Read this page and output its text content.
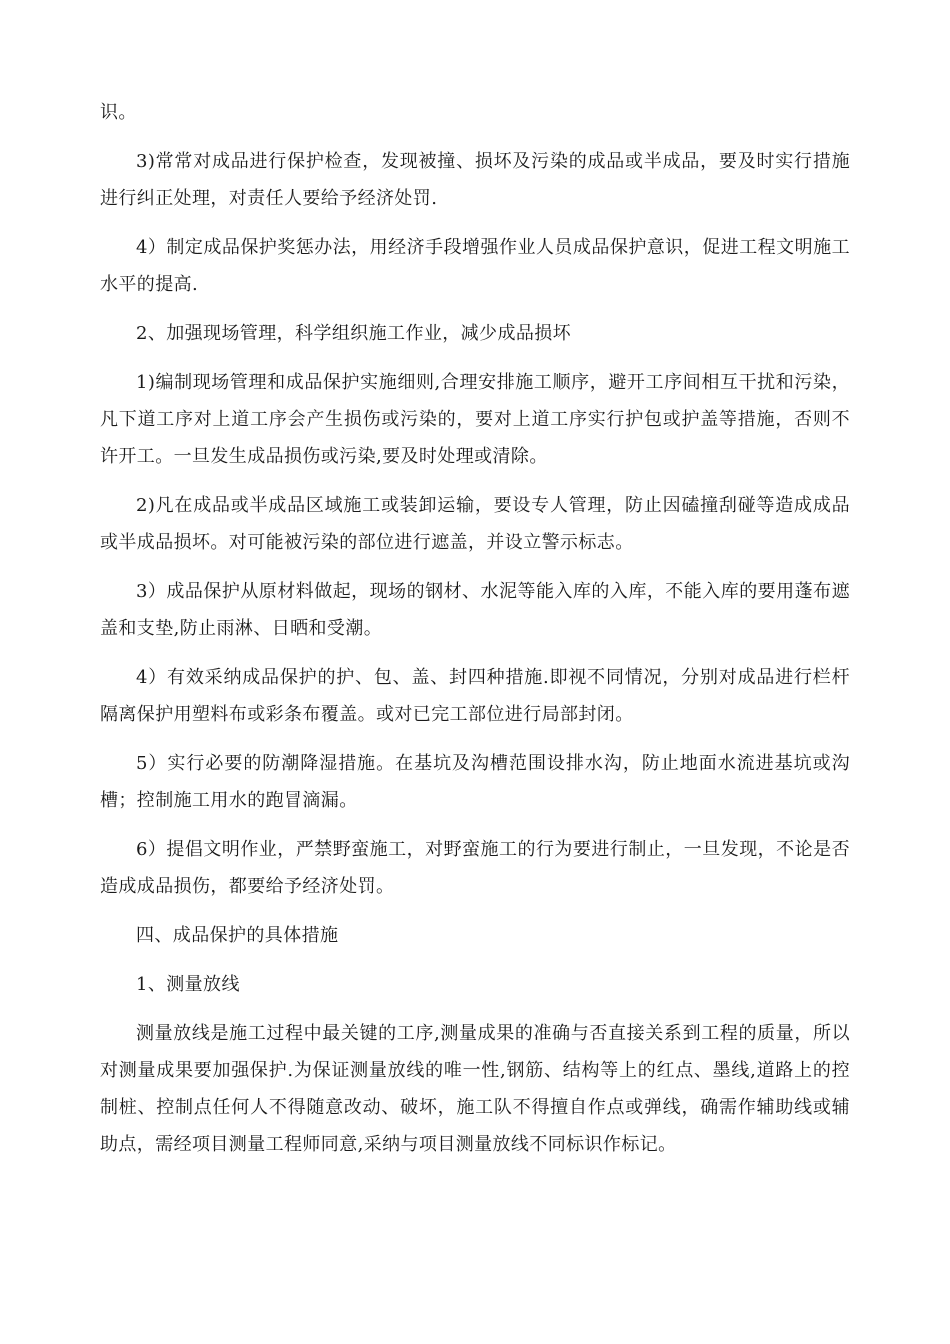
识。

3)常常对成品进行保护检查，发现被撞、损坏及污染的成品或半成品，要及时实行措施进行纠正处理，对责任人要给予经济处罚.

4）制定成品保护奖惩办法，用经济手段增强作业人员成品保护意识，促进工程文明施工水平的提高.

2、加强现场管理，科学组织施工作业，减少成品损坏

1)编制现场管理和成品保护实施细则,合理安排施工顺序，避开工序间相互干扰和污染，凡下道工序对上道工序会产生损伤或污染的，要对上道工序实行护包或护盖等措施，否则不许开工。一旦发生成品损伤或污染,要及时处理或清除。

2)凡在成品或半成品区域施工或装卸运输，要设专人管理，防止因磕撞刮碰等造成成品或半成品损坏。对可能被污染的部位进行遮盖，并设立警示标志。

3）成品保护从原材料做起，现场的钢材、水泥等能入库的入库，不能入库的要用蓬布遮盖和支垫,防止雨淋、日晒和受潮。

4）有效采纳成品保护的护、包、盖、封四种措施.即视不同情况，分别对成品进行栏杆隔离保护用塑料布或彩条布覆盖。或对已完工部位进行局部封闭。

5）实行必要的防潮降湿措施。在基坑及沟槽范围设排水沟，防止地面水流进基坑或沟槽；控制施工用水的跑冒滴漏。

6）提倡文明作业，严禁野蛮施工，对野蛮施工的行为要进行制止，一旦发现，不论是否造成成品损伤，都要给予经济处罚。

四、成品保护的具体措施

1、测量放线

测量放线是施工过程中最关键的工序,测量成果的准确与否直接关系到工程的质量，所以对测量成果要加强保护.为保证测量放线的唯一性,钢筋、结构等上的红点、墨线,道路上的控制桩、控制点任何人不得随意改动、破坏，施工队不得擅自作点或弹线，确需作辅助线或辅助点，需经项目测量工程师同意,采纳与项目测量放线不同标识作标记。
